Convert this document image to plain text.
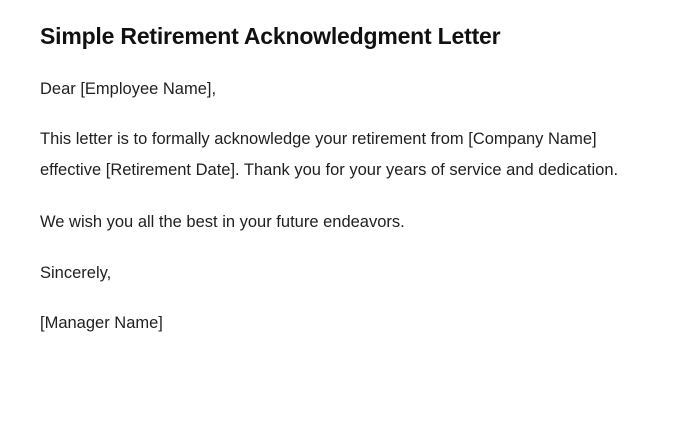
Simple Retirement Acknowledgment Letter

Dear [Employee Name],

This letter is to formally acknowledge your retirement from [Company Name] effective [Retirement Date]. Thank you for your years of service and dedication.

We wish you all the best in your future endeavors.

Sincerely,

[Manager Name]
